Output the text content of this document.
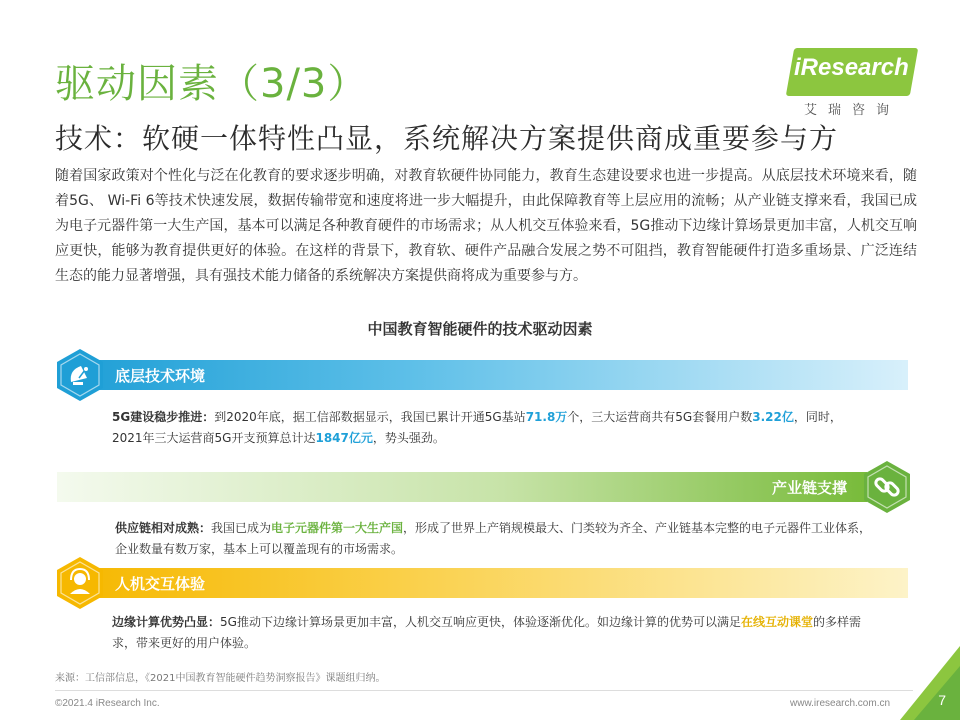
驱动因素（3/3）
技术：软硬一体特性凸显，系统解决方案提供商成重要参与方
iResearch
艾瑞咨询
随着国家政策对个性化与泛在化教育的要求逐步明确，对教育软硬件协同能力，教育生态建设要求也进一步提高。从底层技术环境来看，随着5G、 Wi-Fi 6等技术快速发展，数据传输带宽和速度将进一步大幅提升，由此保障教育等上层应用的流畅；从产业链支撑来看，我国已成为电子元器件第一大生产国，基本可以满足各种教育硬件的市场需求；从人机交互体验来看，5G推动下边缘计算场景更加丰富，人机交互响应更快，能够为教育提供更好的体验。在这样的背景下，教育软、硬件产品融合发展之势不可阻挡，教育智能硬件打造多重场景、广泛连结生态的能力显著增强，具有强技术能力储备的系统解决方案提供商将成为重要参与方。
中国教育智能硬件的技术驱动因素
底层技术环境
5G建设稳步推进：到2020年底，据工信部数据显示，我国已累计开通5G基站71.8万个，三大运营商共有5G套餐用户数3.22亿，同时，2021年三大运营商5G开支预算总计达1847亿元，势头强劲。
产业链支撑
供应链相对成熟：我国已成为电子元器件第一大生产国，形成了世界上产销规模最大、门类较为齐全、产业链基本完整的电子元器件工业体系，企业数量有数万家，基本上可以覆盖现有的市场需求。
人机交互体验
边缘计算优势凸显：5G推动下边缘计算场景更加丰富，人机交互响应更快，体验逐渐优化。如边缘计算的优势可以满足在线互动课堂的多样需求，带来更好的用户体验。
来源：工信部信息，《2021中国教育智能硬件趋势洞察报告》课题组归纳。
©2021.4 iResearch Inc.	www.iresearch.com.cn	7
